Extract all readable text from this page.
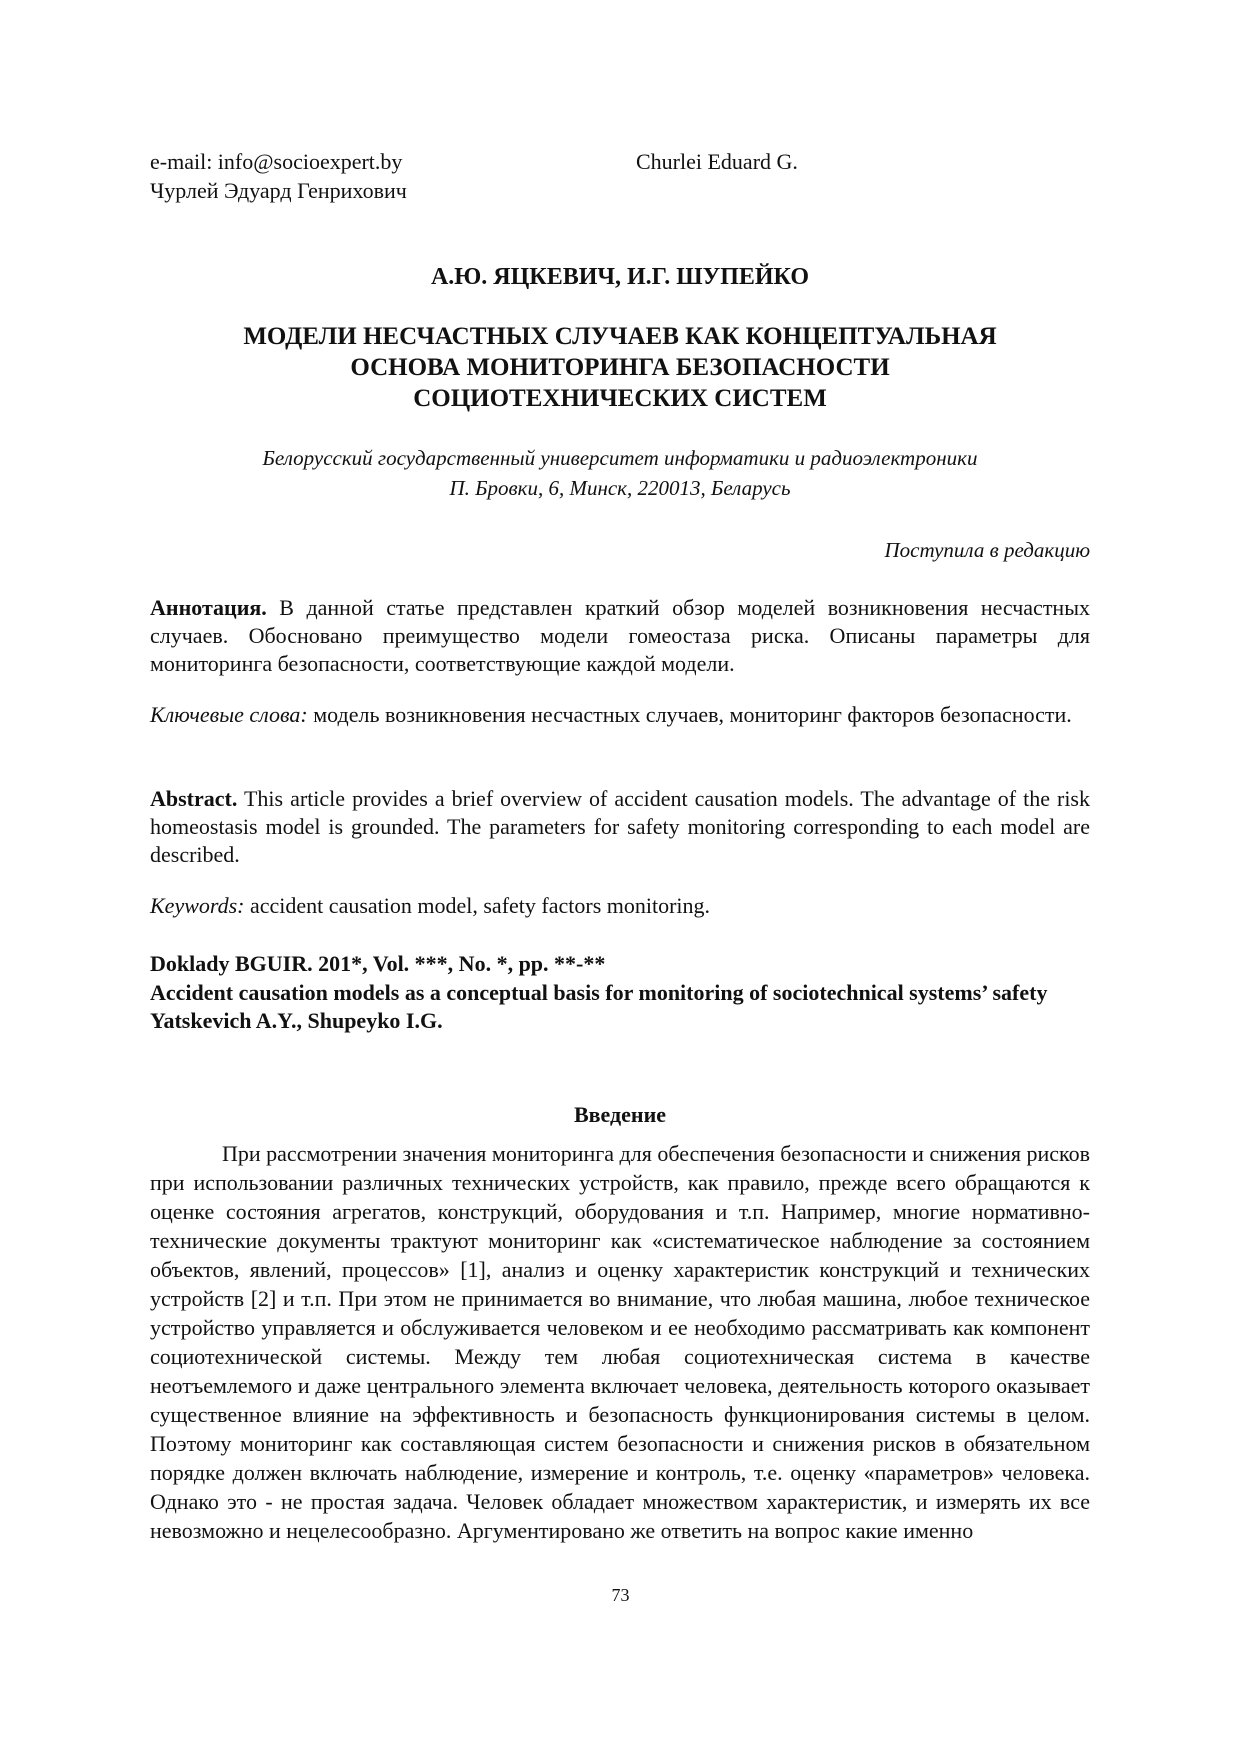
e-mail: info@socioexpert.by
Чурлей Эдуард Генрихович
Churlei Eduard G.
А.Ю. ЯЦКЕВИЧ, И.Г. ШУПЕЙКО
МОДЕЛИ НЕСЧАСТНЫХ СЛУЧАЕВ КАК КОНЦЕПТУАЛЬНАЯ
ОСНОВА МОНИТОРИНГА БЕЗОПАСНОСТИ
СОЦИОТЕХНИЧЕСКИХ СИСТЕМ
Белорусский государственный университет информатики и радиоэлектроники
П. Бровки, 6, Минск, 220013, Беларусь
Поступила в редакцию
Аннотация. В данной статье представлен краткий обзор моделей возникновения несчастных случаев. Обосновано преимущество модели гомеостаза риска. Описаны параметры для мониторинга безопасности, соответствующие каждой модели.
Ключевые слова: модель возникновения несчастных случаев, мониторинг факторов безопасности.
Abstract. This article provides a brief overview of accident causation models. The advantage of the risk homeostasis model is grounded. The parameters for safety monitoring corresponding to each model are described.
Keywords: accident causation model, safety factors monitoring.
Doklady BGUIR. 201*, Vol. ***, No. *, pp. **-**
Accident causation models as a conceptual basis for monitoring of sociotechnical systems’ safety
Yatskevich A.Y., Shupeyko I.G.
Введение
При рассмотрении значения мониторинга для обеспечения безопасности и снижения рисков при использовании различных технических устройств, как правило, прежде всего обращаются к оценке состояния агрегатов, конструкций, оборудования и т.п. Например, многие нормативно-технические документы трактуют мониторинг как «систематическое наблюдение за состоянием объектов, явлений, процессов» [1], анализ и оценку характеристик конструкций и технических устройств [2] и т.п. При этом не принимается во внимание, что любая машина, любое техническое устройство управляется и обслуживается человеком и ее необходимо рассматривать как компонент социотехнической системы. Между тем любая социотехническая система в качестве неотъемлемого и даже центрального элемента включает человека, деятельность которого оказывает существенное влияние на эффективность и безопасность функционирования системы в целом. Поэтому мониторинг как составляющая систем безопасности и снижения рисков в обязательном порядке должен включать наблюдение, измерение и контроль, т.е. оценку «параметров» человека. Однако это - не простая задача. Человек обладает множеством характеристик, и измерять их все невозможно и нецелесообразно. Аргументировано же ответить на вопрос какие именно
73
